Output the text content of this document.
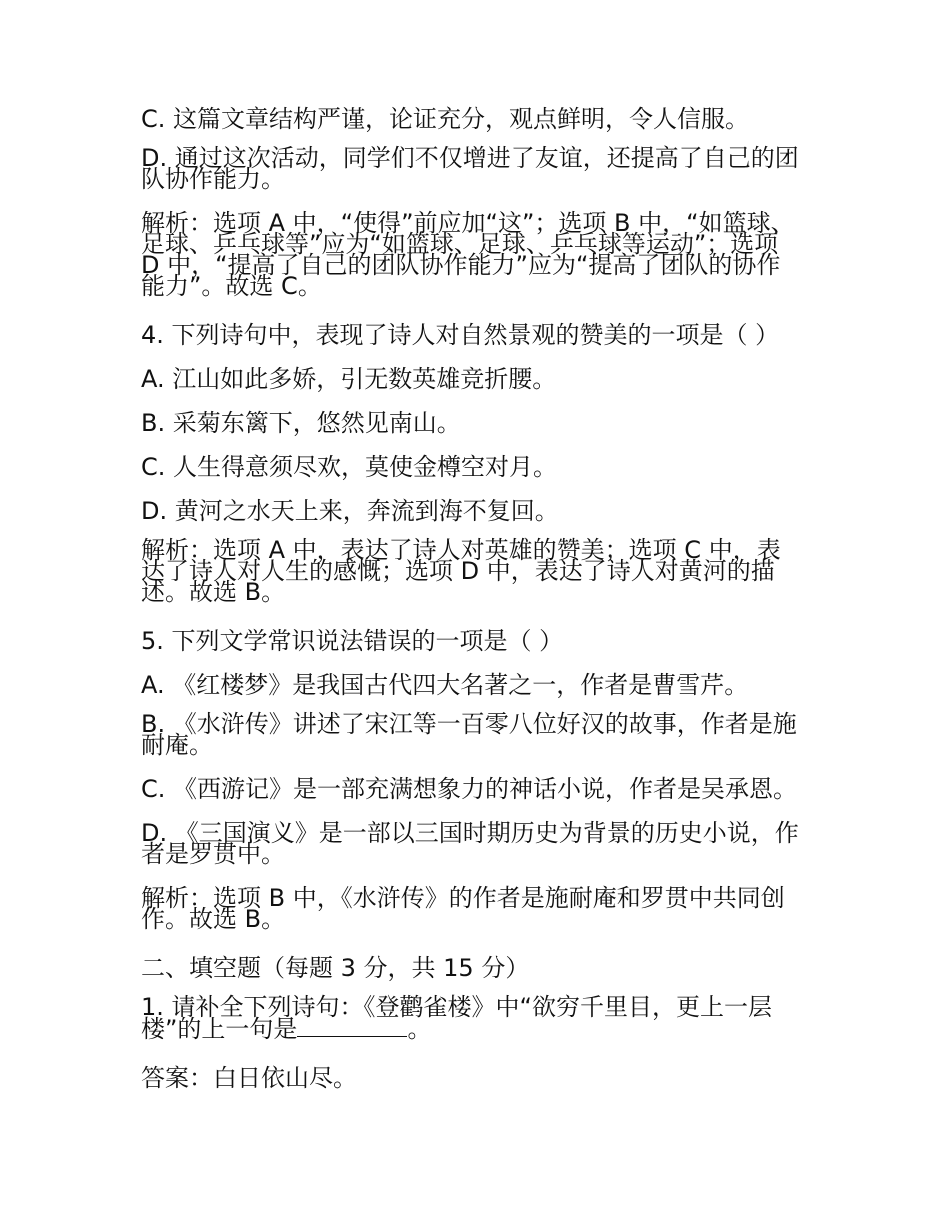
C. 这篇文章结构严谨，论证充分，观点鲜明，令人信服。

D. 通过这次活动，同学们不仅增进了友谊，还提高了自己的团队协作能力。

解析：选项 A 中，“使得”前应加“这”；选项 B 中，“如篮球、足球、乒乓球等”应为“如篮球、足球、乒乓球等运动”；选项 D 中，“提高了自己的团队协作能力”应为“提高了团队的协作能力”。故选 C。

4. 下列诗句中，表现了诗人对自然景观的赞美的一项是（ ）

A. 江山如此多娇，引无数英雄竞折腰。

B. 采菊东篱下，悠然见南山。

C. 人生得意须尽欢，莫使金樽空对月。

D. 黄河之水天上来，奔流到海不复回。

解析：选项 A 中，表达了诗人对英雄的赞美；选项 C 中，表达了诗人对人生的感慨；选项 D 中，表达了诗人对黄河的描述。故选 B。

5. 下列文学常识说法错误的一项是（ ）

A. 《红楼梦》是我国古代四大名著之一，作者是曹雪芹。

B. 《水浒传》讲述了宋江等一百零八位好汉的故事，作者是施耐庵。

C. 《西游记》是一部充满想象力的神话小说，作者是吴承恩。

D. 《三国演义》是一部以三国时期历史为背景的历史小说，作者是罗贯中。

解析：选项 B 中，《水浒传》的作者是施耐庵和罗贯中共同创作。故选 B。

二、填空题（每题 3 分，共 15 分）

1. 请补全下列诗句：《登鹳雀楼》中“欲穷千里目，更上一层楼”的上一句是	。

答案：白日依山尽。
